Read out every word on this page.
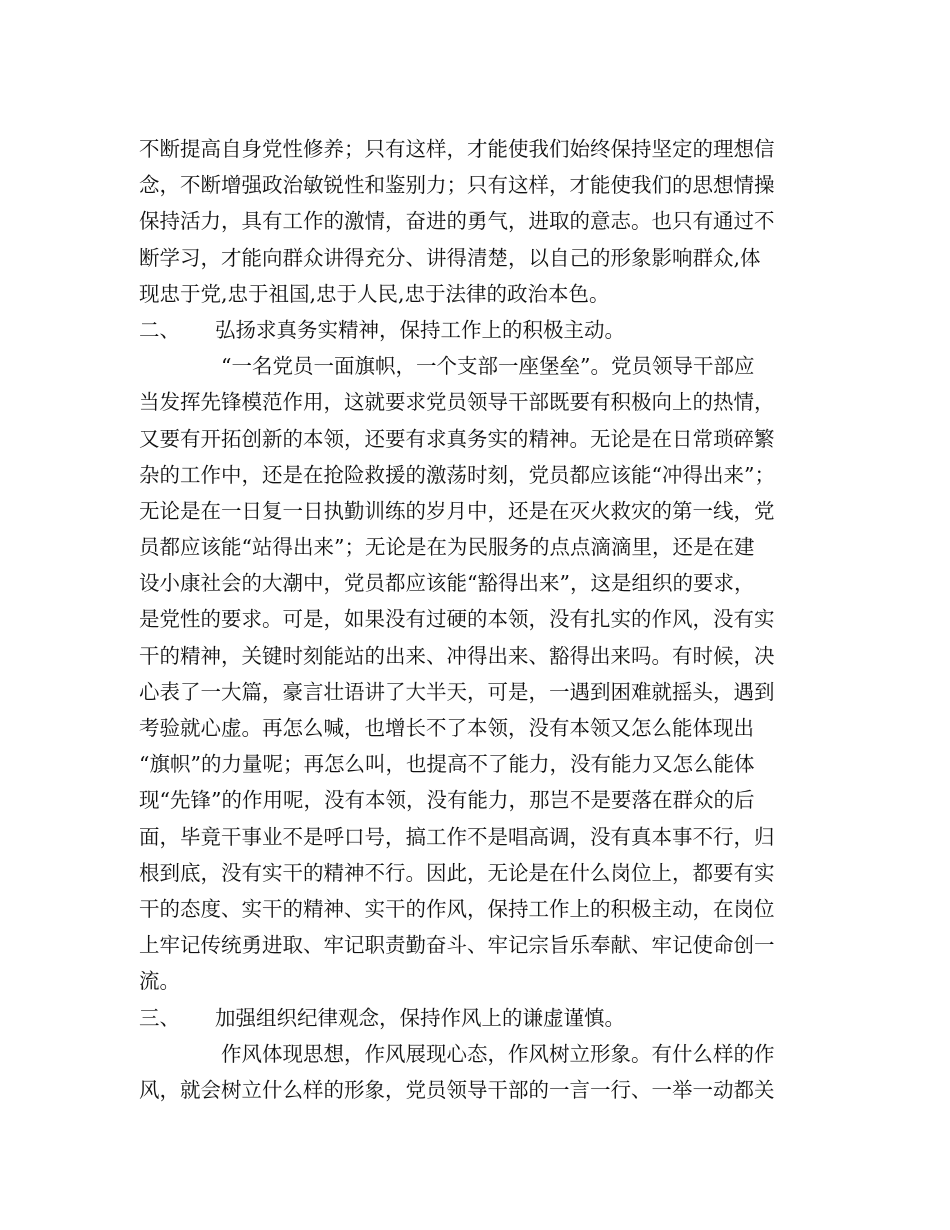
不断提高自身党性修养；只有这样，才能使我们始终保持坚定的理想信
念，不断增强政治敏锐性和鉴别力；只有这样，才能使我们的思想情操
保持活力，具有工作的激情，奋进的勇气，进取的意志。也只有通过不
断学习，才能向群众讲得充分、讲得清楚，以自己的形象影响群众,体
现忠于党,忠于祖国,忠于人民,忠于法律的政治本色。
二、	弘扬求真务实精神，保持工作上的积极主动。
“一名党员一面旗帜，一个支部一座堡垒”。党员领导干部应
当发挥先锋模范作用，这就要求党员领导干部既要有积极向上的热情，
又要有开拓创新的本领，还要有求真务实的精神。无论是在日常琐碎繁
杂的工作中，还是在抢险救援的激荡时刻，党员都应该能“冲得出来”；
无论是在一日复一日执勤训练的岁月中，还是在灭火救灾的第一线，党
员都应该能“站得出来”；无论是在为民服务的点点滴滴里，还是在建
设小康社会的大潮中，党员都应该能“豁得出来”，这是组织的要求，
是党性的要求。可是，如果没有过硬的本领，没有扎实的作风，没有实
干的精神，关键时刻能站的出来、冲得出来、豁得出来吗。有时候，决
心表了一大篇，豪言壮语讲了大半天，可是，一遇到困难就摇头，遇到
考验就心虚。再怎么喊，也增长不了本领，没有本领又怎么能体现出
“旗帜”的力量呢；再怎么叫，也提高不了能力，没有能力又怎么能体
现“先锋”的作用呢，没有本领，没有能力，那岂不是要落在群众的后
面，毕竟干事业不是呼口号，搞工作不是唱高调，没有真本事不行，归
根到底，没有实干的精神不行。因此，无论是在什么岗位上，都要有实
干的态度、实干的精神、实干的作风，保持工作上的积极主动，在岗位
上牢记传统勇进取、牢记职责勤奋斗、牢记宗旨乐奉献、牢记使命创一
流。
三、	加强组织纪律观念，保持作风上的谦虚谨慎。
作风体现思想，作风展现心态，作风树立形象。有什么样的作
风，就会树立什么样的形象，党员领导干部的一言一行、一举一动都关
